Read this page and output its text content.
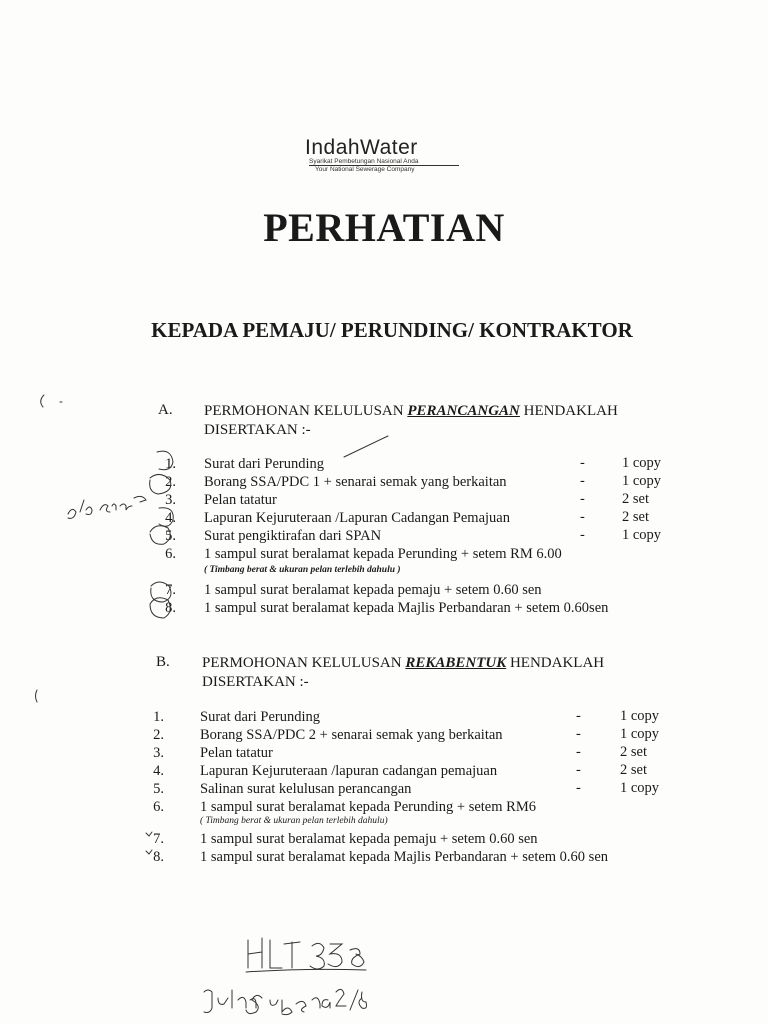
IndahWater
Syarikat Pembetungan Nasional Anda
Your National Sewerage Company
PERHATIAN
KEPADA PEMAJU/ PERUNDING/ KONTRAKTOR
A. PERMOHONAN KELULUSAN PERANCANGAN HENDAKLAH
DISERTAKAN :-
1. Surat dari Perunding	-	1 copy
2. Borang SSA/PDC 1 + senarai semak yang berkaitan	-	1 copy
3. Pelan tatatur	-	2 set
4. Lapuran Kejuruteraan /Lapuran Cadangan Pemajuan	-	2 set
5. Surat pengiktirafan dari SPAN	-	1 copy
6. 1 sampul surat beralamat kepada Perunding + setem RM 6.00
( Timbang berat & ukuran pelan terlebih dahulu )
7. 1 sampul surat beralamat kepada pemaju + setem 0.60 sen
8. 1 sampul surat beralamat kepada Majlis Perbandaran + setem 0.60sen
B. PERMOHONAN KELULUSAN REKABENTUK HENDAKLAH
DISERTAKAN :-
1. Surat dari Perunding	-	1 copy
2. Borang SSA/PDC 2 + senarai semak yang berkaitan	-	1 copy
3. Pelan tatatur	-	2 set
4. Lapuran Kejuruteraan /lapuran cadangan pemajuan	-	2 set
5. Salinan surat kelulusan perancangan	-	1 copy
6. 1 sampul surat beralamat kepada Perunding + setem RM6
( Timbang berat & ukuran pelan terlebih dahulu)
7. 1 sampul surat beralamat kepada pemaju + setem 0.60 sen
8. 1 sampul surat beralamat kepada Majlis Perbandaran + setem 0.60 sen
